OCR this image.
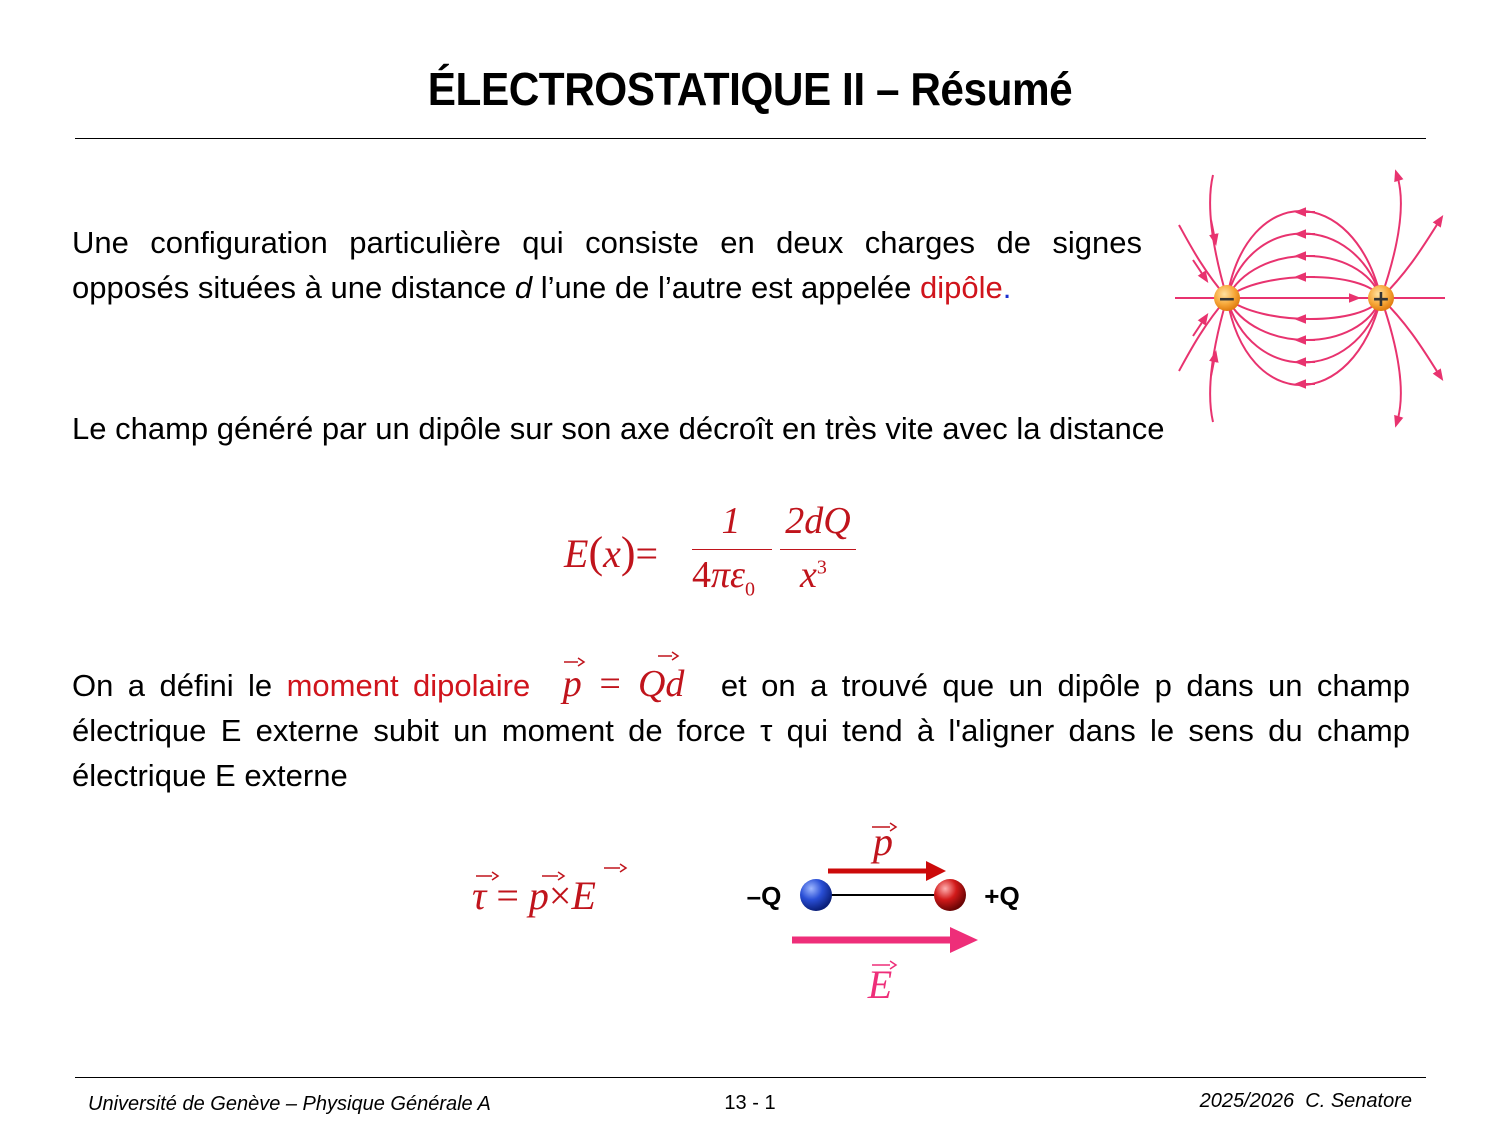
ÉLECTROSTATIQUE II – Résumé
Une configuration particulière qui consiste en deux charges de signes opposés situées à une distance d l’une de l’autre est appelée dipôle.	−	+
Le champ généré par un dipôle sur son axe décroît en très vite avec la distance
E(x)=
1
$4\pi\varepsilon_0$
2dQ
$x^3$
On a défini le moment dipolaire p = Qd et on a trouvé que un dipôle p dans un champ électrique E externe subit un moment de force τ qui tend à l'aligner dans le sens du champ électrique E externe
τ = p×E
p
–Q	+Q
E
Université de Genève – Physique Générale A	13 - 1	2025/2026  C. Senatore
